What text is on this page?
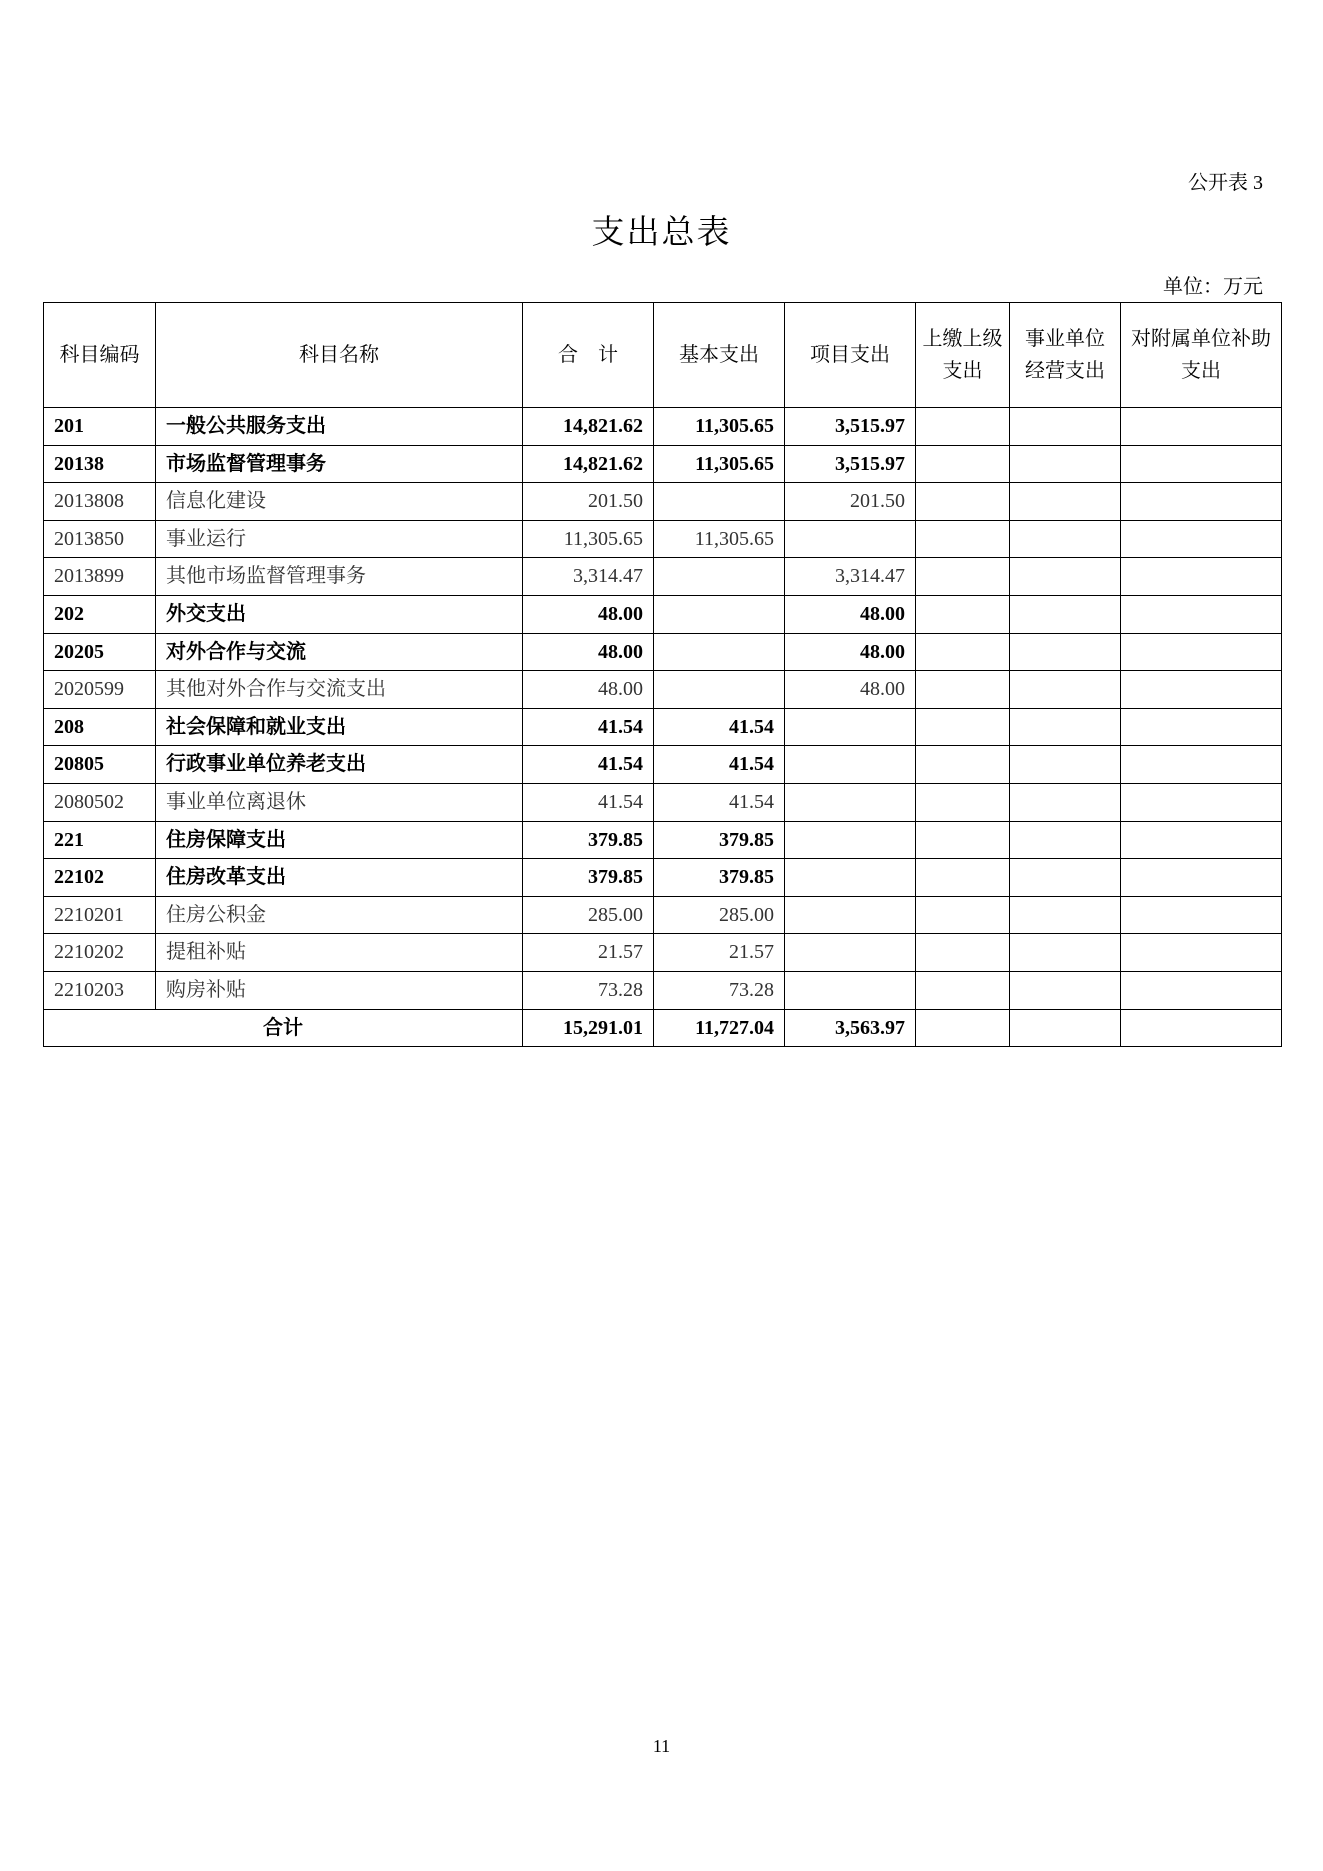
公开表 3
支出总表
单位：万元
科目编码	科目名称	合　计	基本支出	项目支出	上缴上级支出	事业单位经营支出	对附属单位补助支出
201	一般公共服务支出	14,821.62	11,305.65	3,515.97			
20138	市场监督管理事务	14,821.62	11,305.65	3,515.97			
2013808	信息化建设	201.50		201.50			
2013850	事业运行	11,305.65	11,305.65				
2013899	其他市场监督管理事务	3,314.47		3,314.47			
202	外交支出	48.00		48.00			
20205	对外合作与交流	48.00		48.00			
2020599	其他对外合作与交流支出	48.00		48.00			
208	社会保障和就业支出	41.54	41.54				
20805	行政事业单位养老支出	41.54	41.54				
2080502	事业单位离退休	41.54	41.54				
221	住房保障支出	379.85	379.85				
22102	住房改革支出	379.85	379.85				
2210201	住房公积金	285.00	285.00				
2210202	提租补贴	21.57	21.57				
2210203	购房补贴	73.28	73.28				
合计		15,291.01	11,727.04	3,563.97			
11
